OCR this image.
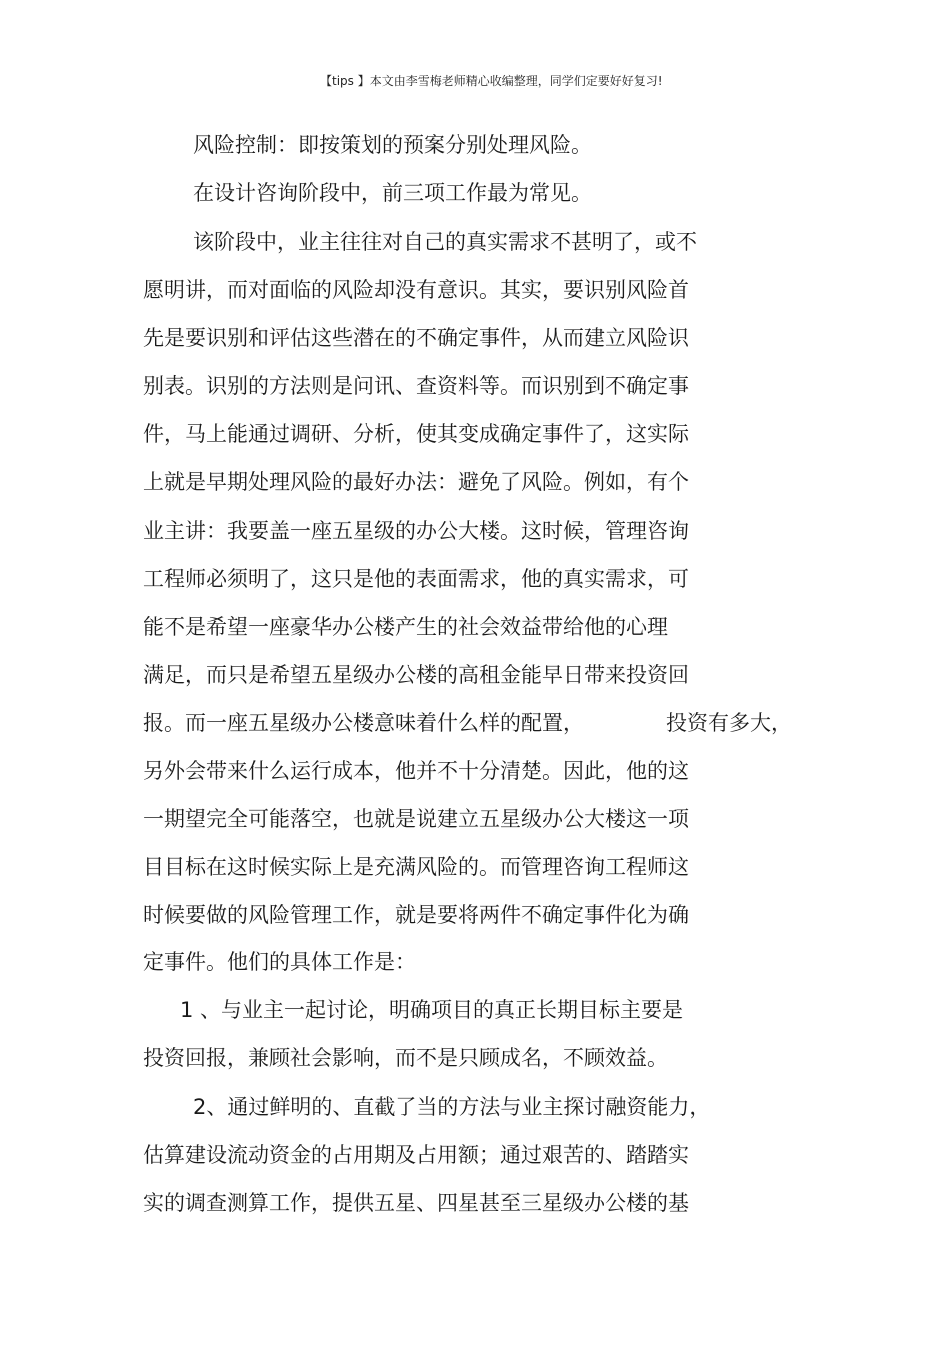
【tips 】本文由李雪梅老师精心收编整理，同学们定要好好复习!
风险控制：即按策划的预案分别处理风险。
在设计咨询阶段中，前三项工作最为常见。
该阶段中，业主往往对自己的真实需求不甚明了，或不
愿明讲，而对面临的风险却没有意识。其实，要识别风险首
先是要识别和评估这些潜在的不确定事件，从而建立风险识
别表。识别的方法则是问讯、查资料等。而识别到不确定事
件，马上能通过调研、分析，使其变成确定事件了，这实际
上就是早期处理风险的最好办法：避免了风险。例如，有个
业主讲：我要盖一座五星级的办公大楼。这时候，管理咨询
工程师必须明了，这只是他的表面需求，他的真实需求，可
能不是希望一座豪华办公楼产生的社会效益带给他的心理
满足，而只是希望五星级办公楼的高租金能早日带来投资回
报。而一座五星级办公楼意味着什么样的配置，	投资有多大，
另外会带来什么运行成本，他并不十分清楚。因此，他的这
一期望完全可能落空，也就是说建立五星级办公大楼这一项
目目标在这时候实际上是充满风险的。而管理咨询工程师这
时候要做的风险管理工作，就是要将两件不确定事件化为确
定事件。他们的具体工作是：
1 、与业主一起讨论，明确项目的真正长期目标主要是
投资回报，兼顾社会影响，而不是只顾成名，不顾效益。
2、通过鲜明的、直截了当的方法与业主探讨融资能力，
估算建设流动资金的占用期及占用额；通过艰苦的、踏踏实
实的调查测算工作，提供五星、四星甚至三星级办公楼的基
